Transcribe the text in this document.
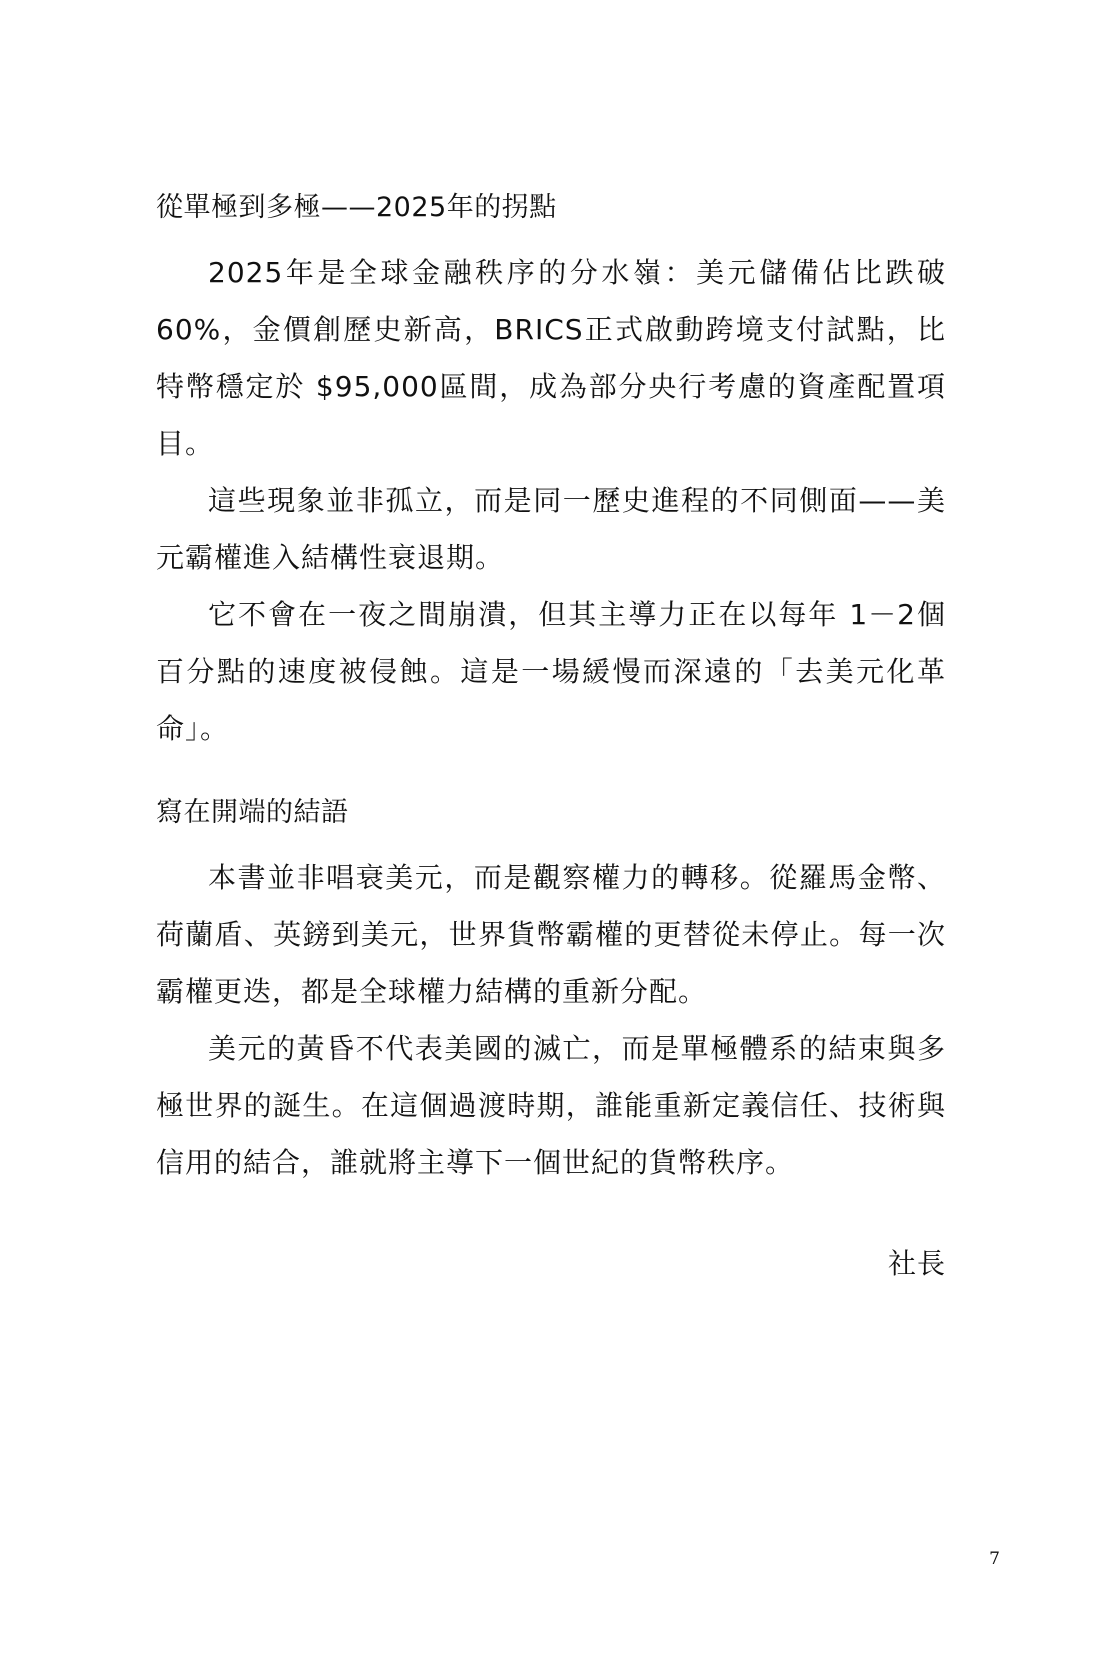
從單極到多極——2025年的拐點

2025年是全球金融秩序的分水嶺：美元儲備佔比跌破60%，金價創歷史新高，BRICS正式啟動跨境支付試點，比特幣穩定於 $95,000區間，成為部分央行考慮的資產配置項目。

這些現象並非孤立，而是同一歷史進程的不同側面——美元霸權進入結構性衰退期。

它不會在一夜之間崩潰，但其主導力正在以每年 1－2個百分點的速度被侵蝕。這是一場緩慢而深遠的「去美元化革命」。

寫在開端的結語

本書並非唱衰美元，而是觀察權力的轉移。從羅馬金幣、荷蘭盾、英鎊到美元，世界貨幣霸權的更替從未停止。每一次霸權更迭，都是全球權力結構的重新分配。

美元的黃昏不代表美國的滅亡，而是單極體系的結束與多極世界的誕生。在這個過渡時期，誰能重新定義信任、技術與信用的結合，誰就將主導下一個世紀的貨幣秩序。

社長
7
